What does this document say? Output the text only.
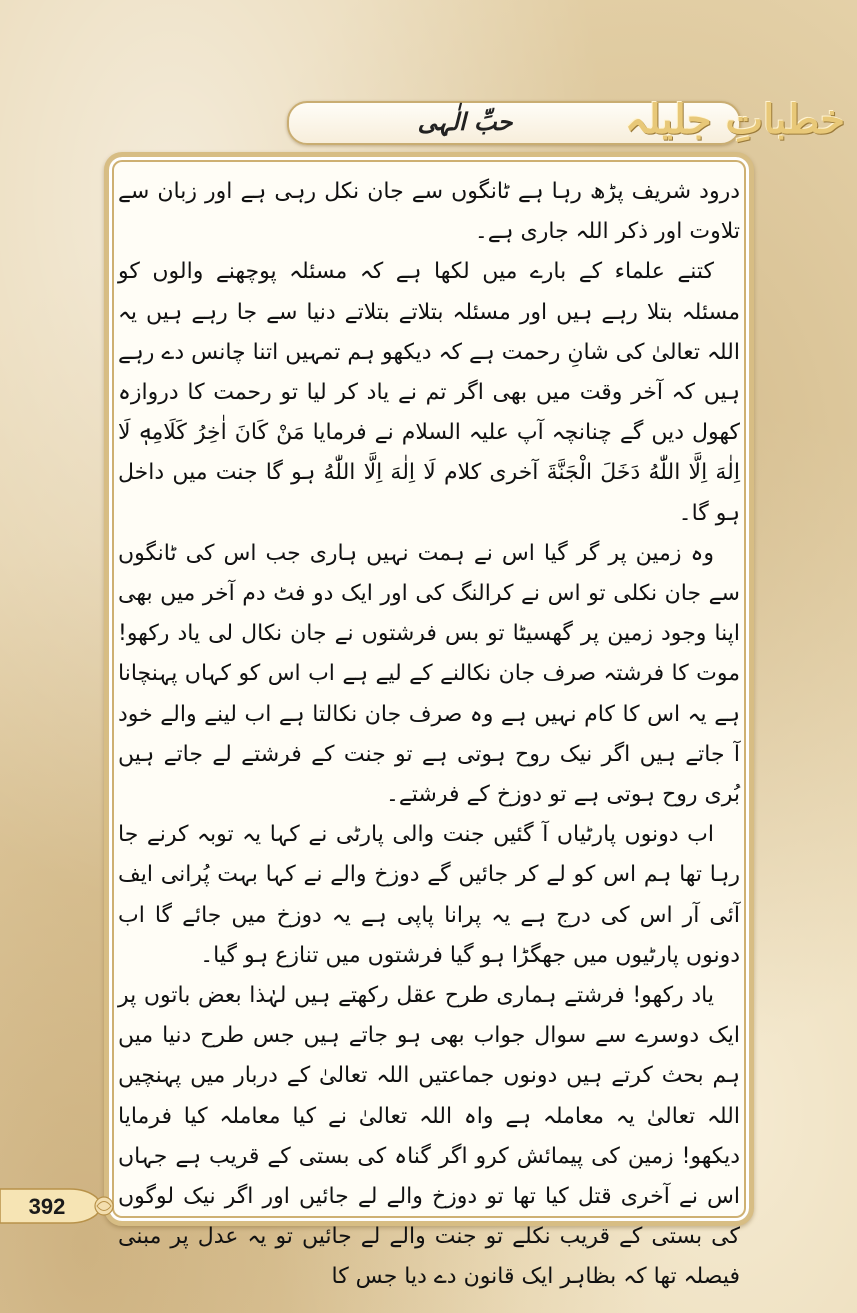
حبِّ الٰہی	خطباتِ جلیلہ

درود شریف پڑھ رہا ہے ٹانگوں سے جان نکل رہی ہے اور زبان سے تلاوت اور ذکر اللہ جاری ہے۔

کتنے علماء کے بارے میں لکھا ہے کہ مسئلہ پوچھنے والوں کو مسئلہ بتلا رہے ہیں اور مسئلہ بتلاتے بتلاتے دنیا سے جا رہے ہیں یہ اللہ تعالیٰ کی شانِ رحمت ہے کہ دیکھو ہم تمہیں اتنا چانس دے رہے ہیں کہ آخر وقت میں بھی اگر تم نے یاد کر لیا تو رحمت کا دروازہ کھول دیں گے چنانچہ آپ علیہ السلام نے فرمایا مَنْ كَانَ اٰخِرُ كَلَامِهٖ لَا اِلٰهَ اِلَّا اللّٰهُ دَخَلَ الْجَنَّةَ آخری کلام لَا اِلٰهَ اِلَّا اللّٰهُ ہو گا جنت میں داخل ہو گا۔

وہ زمین پر گر گیا اس نے ہمت نہیں ہاری جب اس کی ٹانگوں سے جان نکلی تو اس نے کرالنگ کی اور ایک دو فٹ دم آخر میں بھی اپنا وجود زمین پر گھسیٹا تو بس فرشتوں نے جان نکال لی یاد رکھو! موت کا فرشتہ صرف جان نکالنے کے لیے ہے اب اس کو کہاں پہنچانا ہے یہ اس کا کام نہیں ہے وہ صرف جان نکالتا ہے اب لینے والے خود آ جاتے ہیں اگر نیک روح ہوتی ہے تو جنت کے فرشتے لے جاتے ہیں بُری روح ہوتی ہے تو دوزخ کے فرشتے۔

اب دونوں پارٹیاں آ گئیں جنت والی پارٹی نے کہا یہ توبہ کرنے جا رہا تھا ہم اس کو لے کر جائیں گے دوزخ والے نے کہا بہت پُرانی ایف آئی آر اس کی درج ہے یہ پرانا پاپی ہے یہ دوزخ میں جائے گا اب دونوں پارٹیوں میں جھگڑا ہو گیا فرشتوں میں تنازع ہو گیا۔

یاد رکھو! فرشتے ہماری طرح عقل رکھتے ہیں لہٰذا بعض باتوں پر ایک دوسرے سے سوال جواب بھی ہو جاتے ہیں جس طرح دنیا میں ہم بحث کرتے ہیں دونوں جماعتیں اللہ تعالیٰ کے دربار میں پہنچیں اللہ تعالیٰ یہ معاملہ ہے واہ اللہ تعالیٰ نے کیا معاملہ کیا فرمایا دیکھو! زمین کی پیمائش کرو اگر گناہ کی بستی کے قریب ہے جہاں اس نے آخری قتل کیا تھا تو دوزخ والے لے جائیں اور اگر نیک لوگوں کی بستی کے قریب نکلے تو جنت والے لے جائیں تو یہ عدل پر مبنی فیصلہ تھا کہ بظاہر ایک قانون دے دیا جس کا

392
